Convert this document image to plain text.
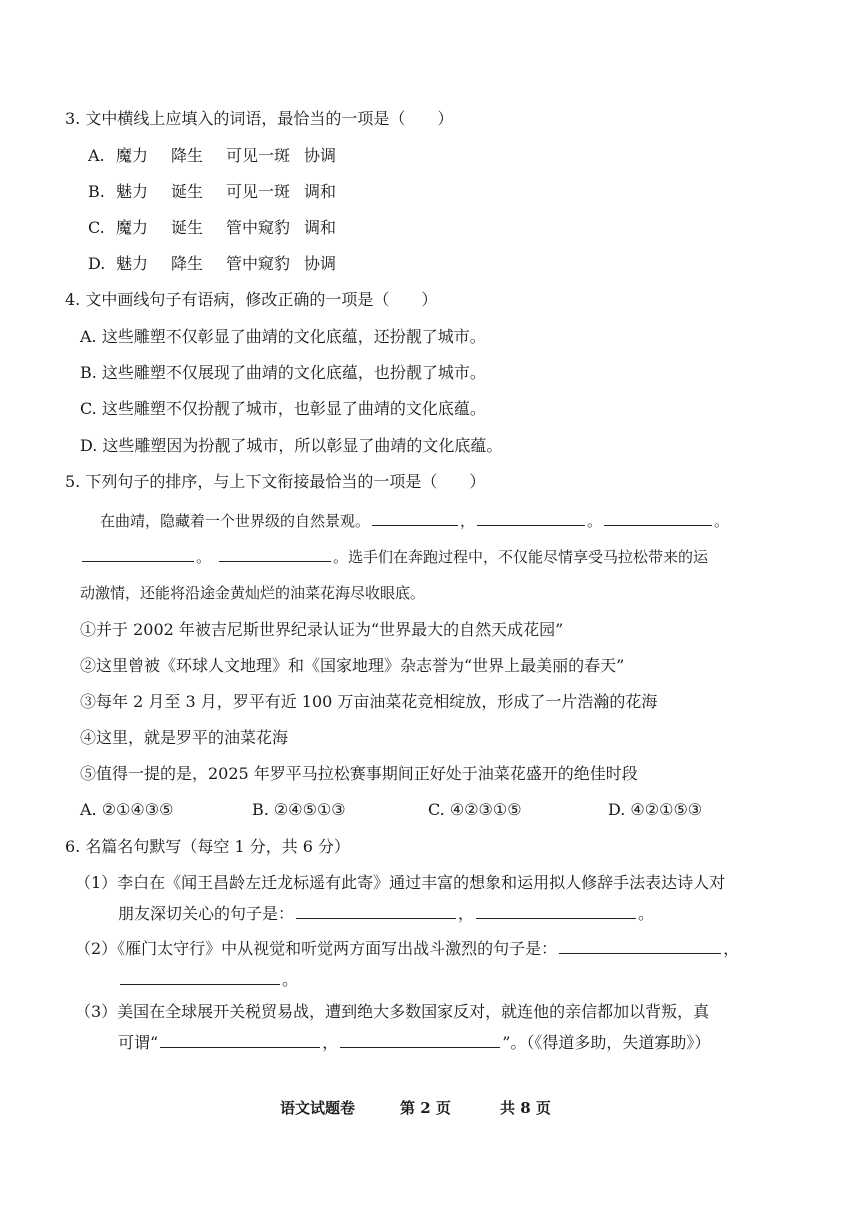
3. 文中横线上应填入的词语，最恰当的一项是（　　）
A. 魔力 降生 可见一斑 协调
B. 魅力 诞生 可见一斑 调和
C. 魔力 诞生 管中窥豹 调和
D. 魅力 降生 管中窥豹 协调
4. 文中画线句子有语病，修改正确的一项是（　　）
A. 这些雕塑不仅彰显了曲靖的文化底蕴，还扮靓了城市。
B. 这些雕塑不仅展现了曲靖的文化底蕴，也扮靓了城市。
C. 这些雕塑不仅扮靓了城市，也彰显了曲靖的文化底蕴。
D. 这些雕塑因为扮靓了城市，所以彰显了曲靖的文化底蕴。
5. 下列句子的排序，与上下文衔接最恰当的一项是（　　）
在曲靖，隐藏着一个世界级的自然景观。	，	。	。
。	。选手们在奔跑过程中，不仅能尽情享受马拉松带来的运
动激情，还能将沿途金黄灿烂的油菜花海尽收眼底。
①并于 2002 年被吉尼斯世界纪录认证为“世界最大的自然天成花园”
②这里曾被《环球人文地理》和《国家地理》杂志誉为“世界上最美丽的春天”
③每年 2 月至 3 月，罗平有近 100 万亩油菜花竞相绽放，形成了一片浩瀚的花海
④这里，就是罗平的油菜花海
⑤值得一提的是，2025 年罗平马拉松赛事期间正好处于油菜花盛开的绝佳时段
A. ②①④③⑤	B. ②④⑤①③	C. ④②③①⑤	D. ④②①⑤③
6. 名篇名句默写（每空 1 分，共 6 分）
（1）李白在《闻王昌龄左迁龙标遥有此寄》通过丰富的想象和运用拟人修辞手法表达诗人对
朋友深切关心的句子是：	，	。
（2）《雁门太守行》中从视觉和听觉两方面写出战斗激烈的句子是：	，
。
（3）美国在全球展开关税贸易战，遭到绝大多数国家反对，就连他的亲信都加以背叛，真
可谓“	，	”。（《得道多助，失道寡助》）
语文试题卷	第 2 页	共 8 页
